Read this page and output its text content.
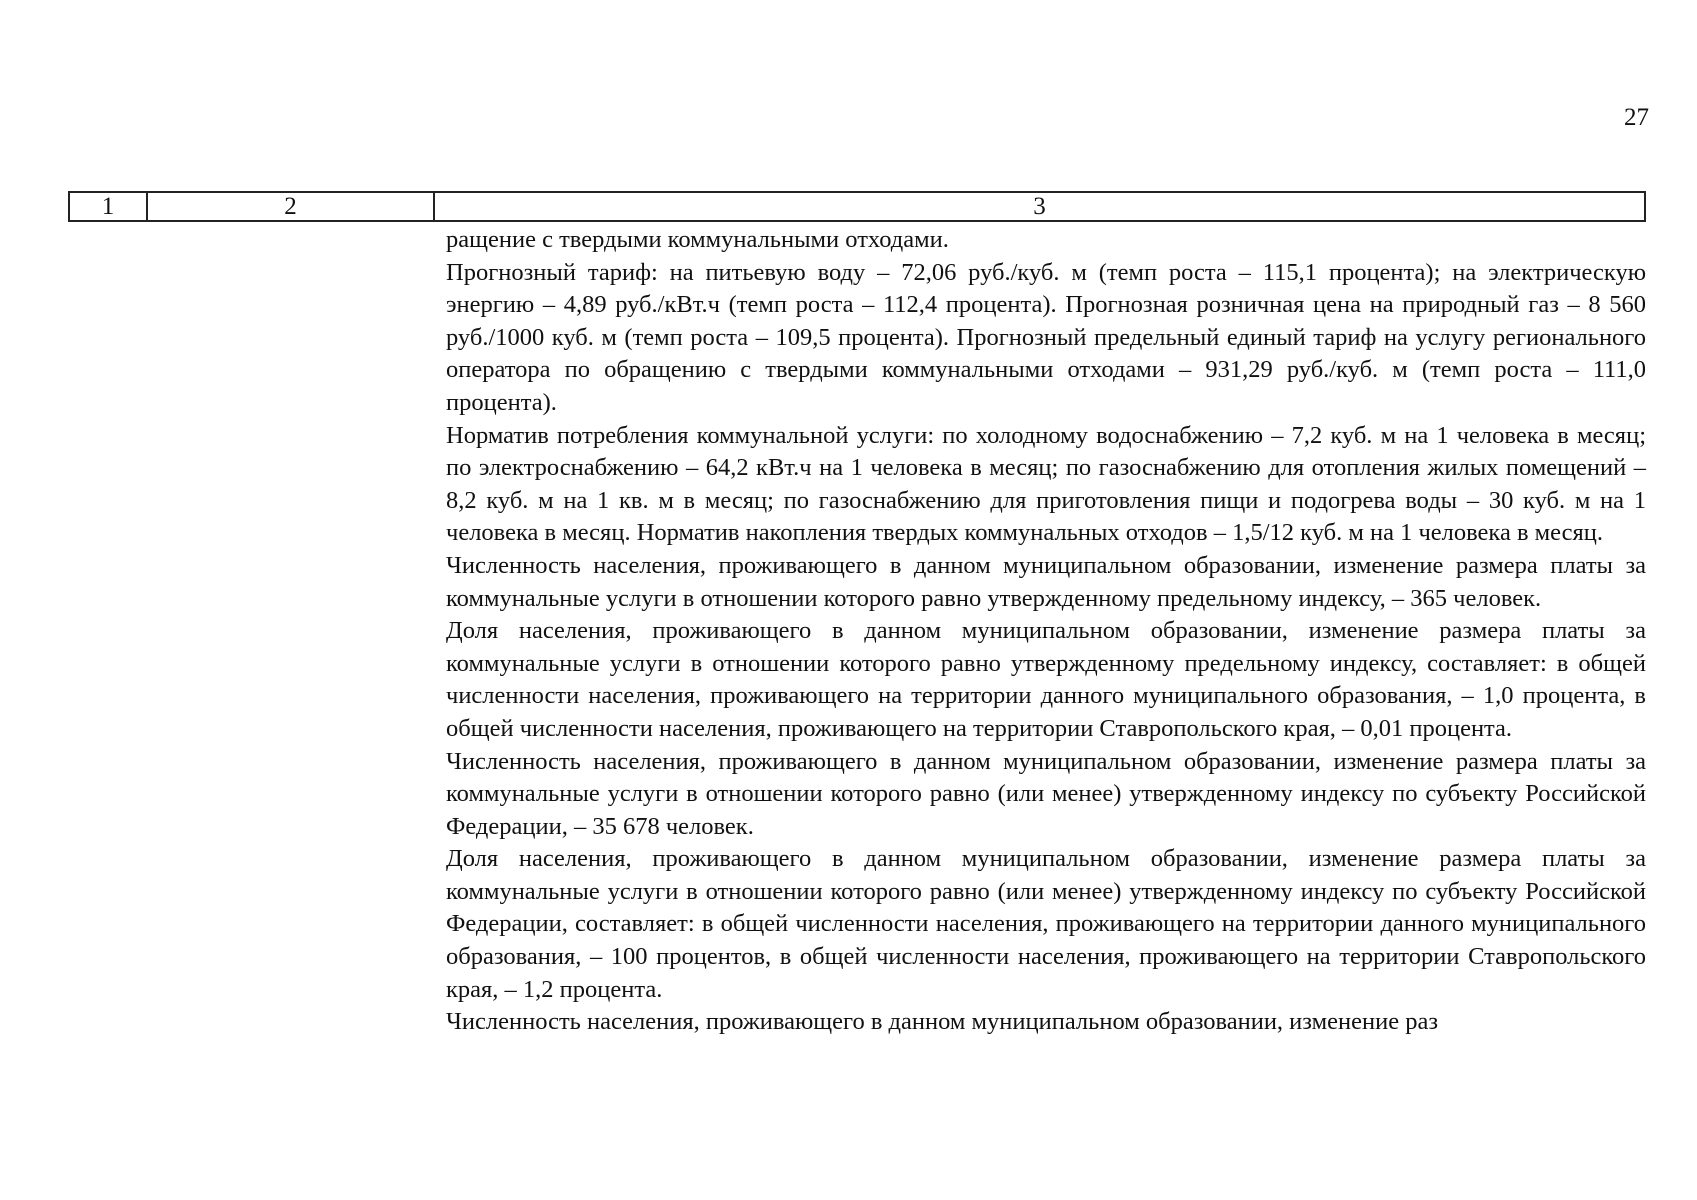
27
1	2	3

ращение с твердыми коммунальными отходами.

Прогнозный тариф: на питьевую воду – 72,06 руб./куб. м (темп роста – 115,1 процента); на электрическую энергию – 4,89 руб./кВт.ч (темп роста – 112,4 процента). Прогнозная розничная цена на природный газ – 8 560 руб./1000 куб. м (темп роста – 109,5 процента). Прогнозный предельный единый тариф на услугу регионального оператора по обращению с твердыми коммунальными отходами – 931,29 руб./куб. м (темп роста – 111,0 процента).

Норматив потребления коммунальной услуги: по холодному водоснабжению – 7,2 куб. м на 1 человека в месяц; по электроснабжению – 64,2 кВт.ч на 1 человека в месяц; по газоснабжению для отопления жилых помещений – 8,2 куб. м на 1 кв. м в месяц; по газоснабжению для приготовления пищи и подогрева воды – 30 куб. м на 1 человека в месяц. Норматив накопления твердых коммунальных отходов – 1,5/12 куб. м на 1 человека в месяц.

Численность населения, проживающего в данном муниципальном образовании, изменение размера платы за коммунальные услуги в отношении которого равно утвержденному предельному индексу, – 365 человек.

Доля населения, проживающего в данном муниципальном образовании, изменение размера платы за коммунальные услуги в отношении которого равно утвержденному предельному индексу, составляет: в общей численности населения, проживающего на территории данного муниципального образования, – 1,0 процента, в общей численности населения, проживающего на территории Ставропольского края, – 0,01 процента.

Численность населения, проживающего в данном муниципальном образовании, изменение размера платы за коммунальные услуги в отношении которого равно (или менее) утвержденному индексу по субъекту Российской Федерации, – 35 678 человек.

Доля населения, проживающего в данном муниципальном образовании, изменение размера платы за коммунальные услуги в отношении которого равно (или менее) утвержденному индексу по субъекту Российской Федерации, составляет: в общей численности населения, проживающего на территории данного муниципального образования, – 100 процентов, в общей численности населения, проживающего на территории Ставропольского края, – 1,2 процента.

Численность населения, проживающего в данном муниципальном образовании, изменение раз
